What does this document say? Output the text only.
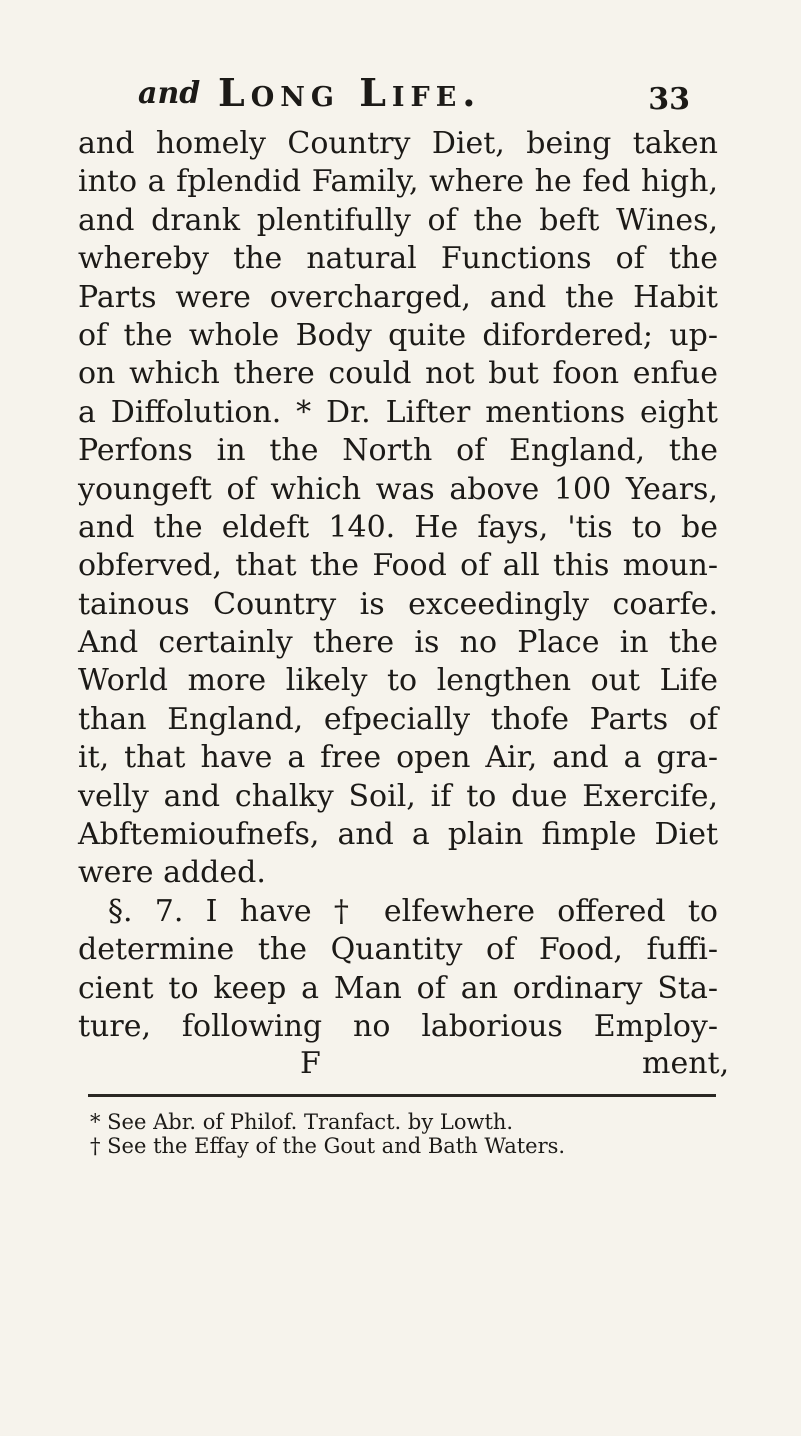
and Long Life.	33
and homely Country Diet, being taken
into a fplendid Family, where he fed high,
and drank plentifully of the beft Wines,
whereby the natural Functions of the
Parts were overcharged, and the Habit
of the whole Body quite difordered; up-
on which there could not but foon enfue
a Diffolution. * Dr. Lifter mentions eight
Perfons in the North of England, the
youngeft of which was above 100 Years,
and the eldeft 140. He fays, 'tis to be
obferved, that the Food of all this moun-
tainous Country is exceedingly coarfe.
And certainly there is no Place in the
World more likely to lengthen out Life
than England, efpecially thofe Parts of
it, that have a free open Air, and a gra-
velly and chalky Soil, if to due Exercife,
Abftemioufnefs, and a plain fimple Diet
were added.
§. 7. I have † elfewhere offered to
determine the Quantity of Food, fuffi-
cient to keep a Man of an ordinary Sta-
ture, following no laborious Employ-
F	ment,
* See Abr. of Philof. Tranfact. by Lowth.
† See the Effay of the Gout and Bath Waters.
